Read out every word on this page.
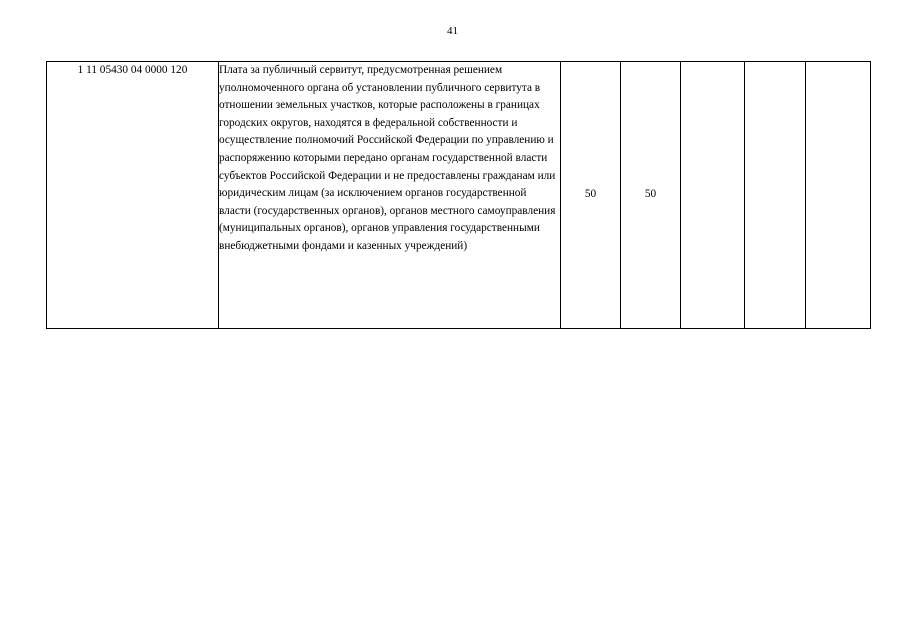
41
1 11 05430 04 0000 120	Плата за публичный сервитут, предусмотренная решением уполномоченного органа об установлении публичного сервитута в отношении земельных участков, которые расположены в границах городских округов, находятся в федеральной собственности и осуществление полномочий Российской Федерации по управлению и распоряжению которыми передано органам государственной власти субъектов Российской Федерации и не предоставлены гражданам или юридическим лицам (за исключением органов государственной власти (государственных органов), органов местного самоуправления (муниципальных органов), органов управления государственными внебюджетными фондами и казенных учреждений)	50	50			
